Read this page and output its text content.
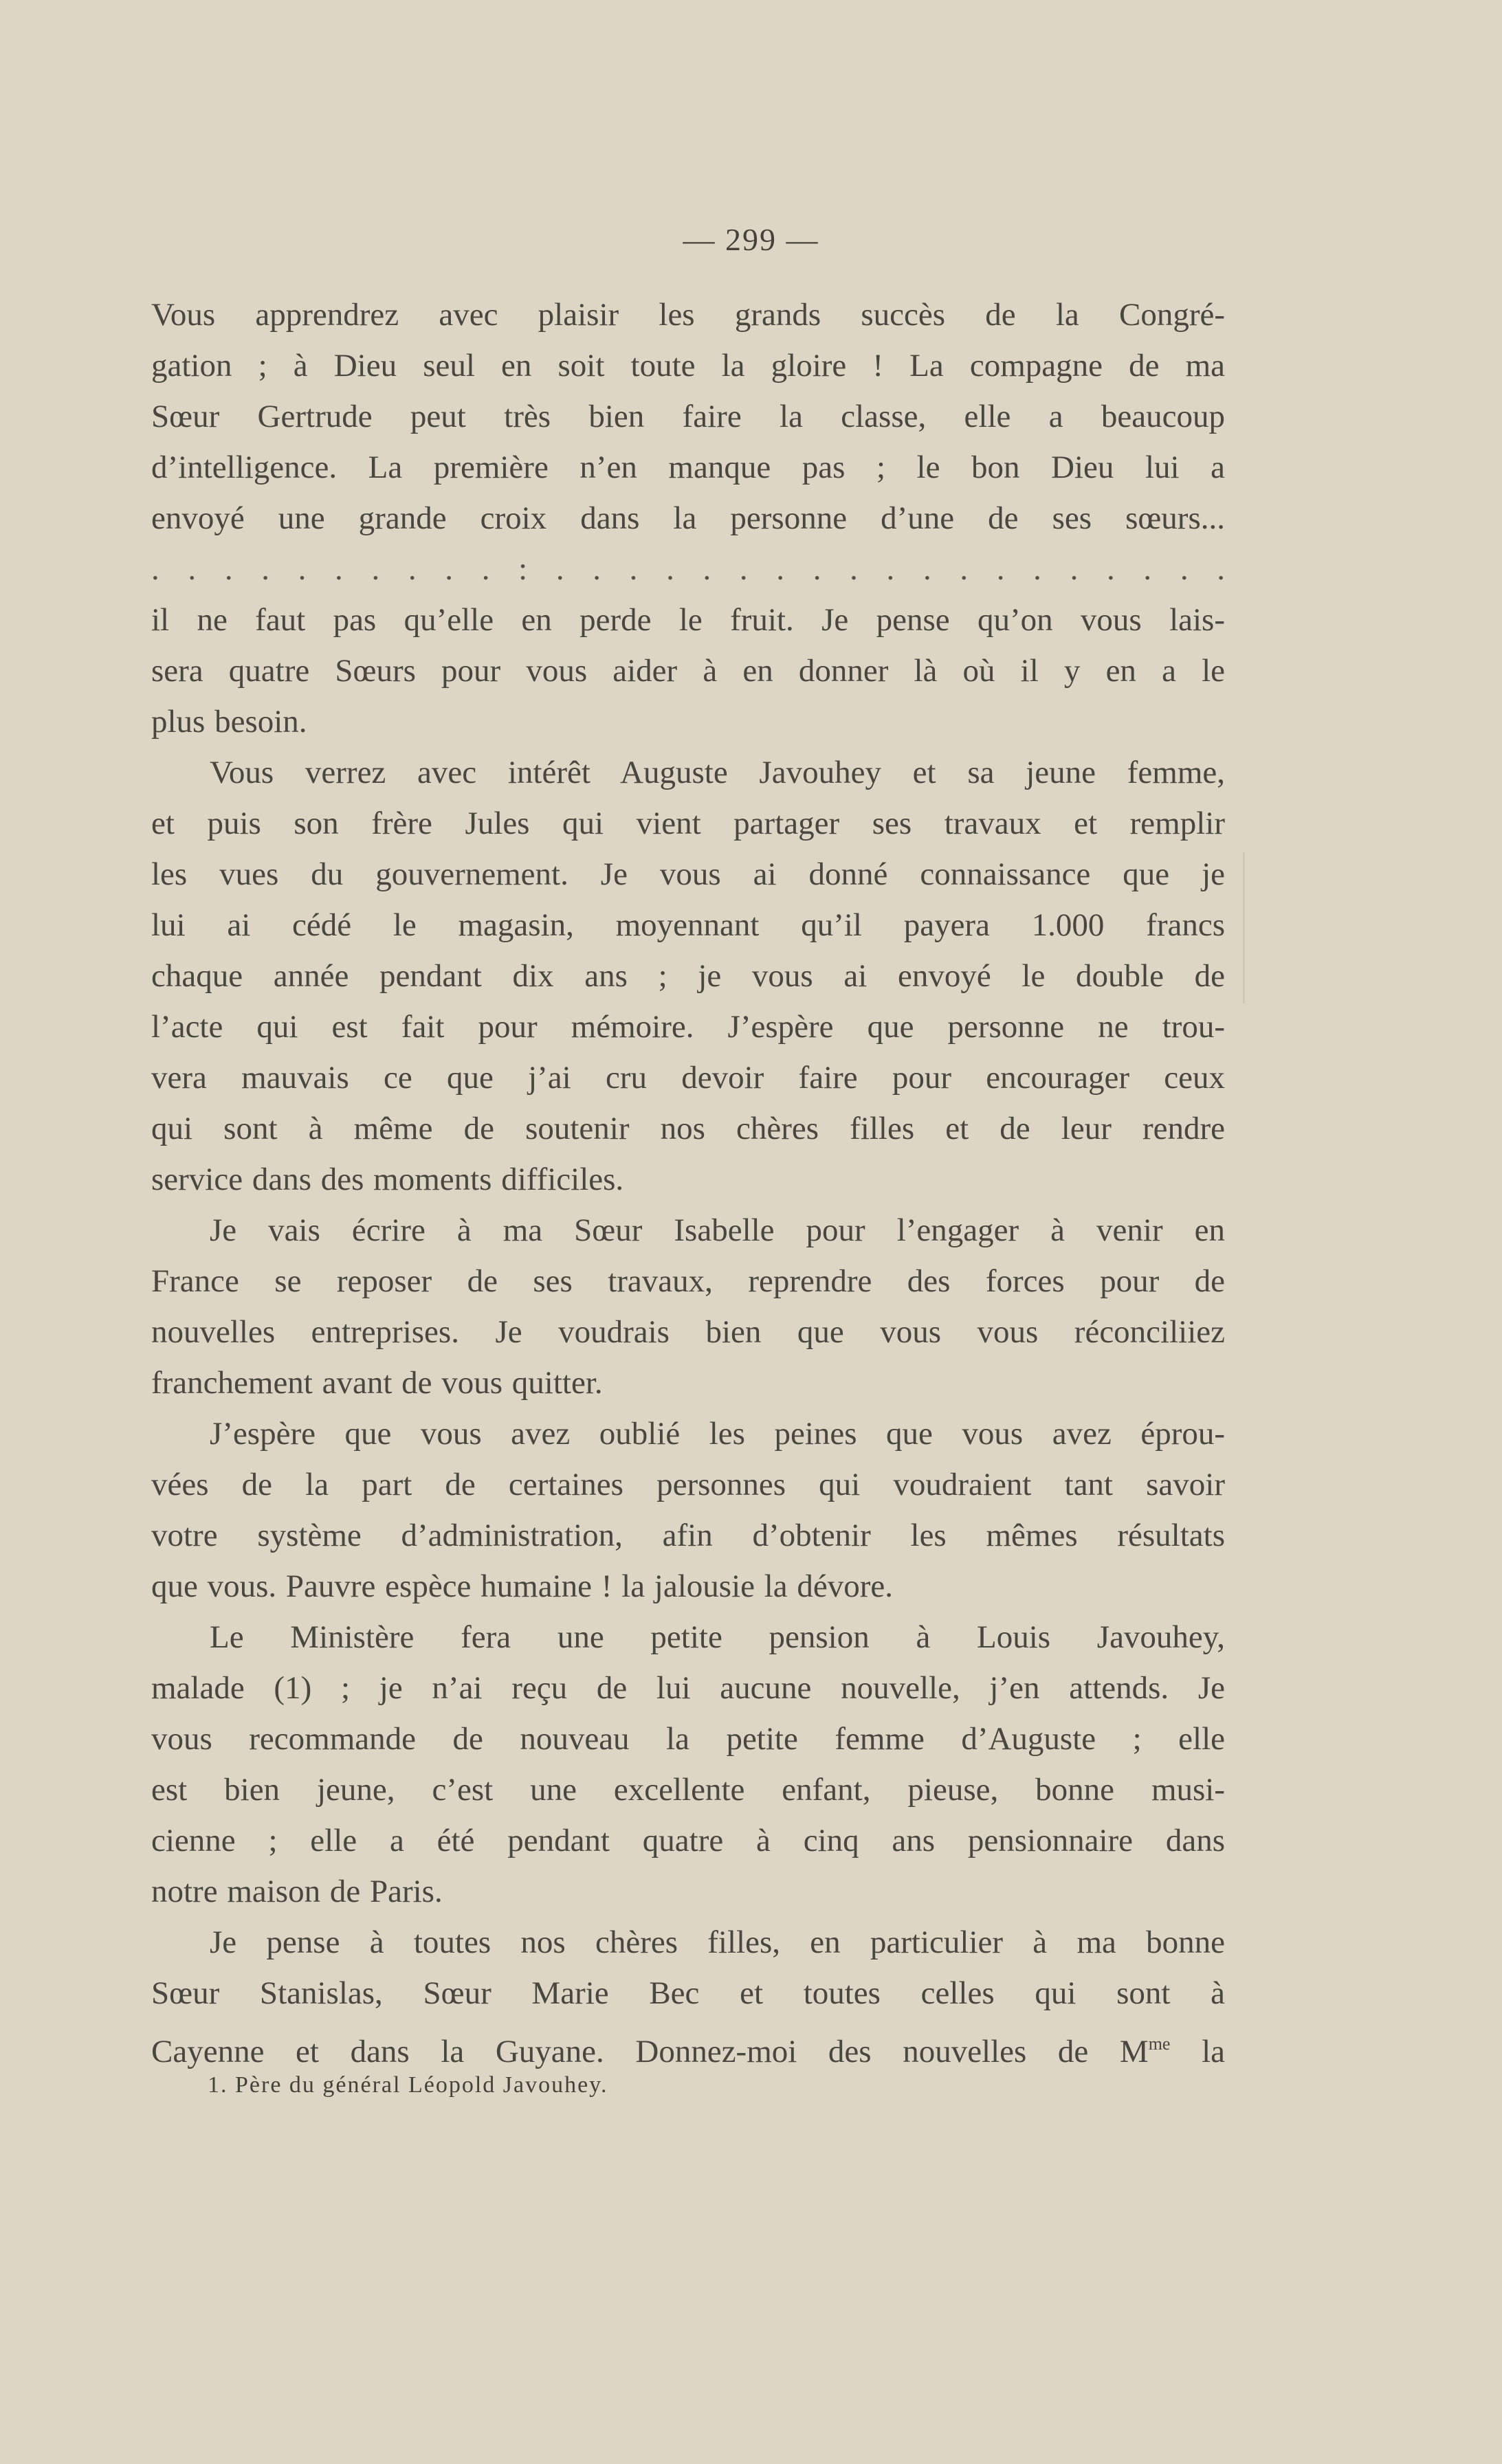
— 299 —
Vous apprendrez avec plaisir les grands succès de la Congré-
gation ; à Dieu seul en soit toute la gloire ! La compagne de ma
Sœur Gertrude peut très bien faire la classe, elle a beaucoup
d’intelligence. La première n’en manque pas ; le bon Dieu lui a
envoyé une grande croix dans la personne d’une de ses sœurs...
. . . . . . . . . . : . . . . . . . . . . . . . . . . . . .
il ne faut pas qu’elle en perde le fruit. Je pense qu’on vous lais-
sera quatre Sœurs pour vous aider à en donner là où il y en a le
plus besoin.
Vous verrez avec intérêt Auguste Javouhey et sa jeune femme,
et puis son frère Jules qui vient partager ses travaux et remplir
les vues du gouvernement. Je vous ai donné connaissance que je
lui ai cédé le magasin, moyennant qu’il payera 1.000 francs
chaque année pendant dix ans ; je vous ai envoyé le double de
l’acte qui est fait pour mémoire. J’espère que personne ne trou-
vera mauvais ce que j’ai cru devoir faire pour encourager ceux
qui sont à même de soutenir nos chères filles et de leur rendre
service dans des moments difficiles.
Je vais écrire à ma Sœur Isabelle pour l’engager à venir en
France se reposer de ses travaux, reprendre des forces pour de
nouvelles entreprises. Je voudrais bien que vous vous réconciliiez
franchement avant de vous quitter.
J’espère que vous avez oublié les peines que vous avez éprou-
vées de la part de certaines personnes qui voudraient tant savoir
votre système d’administration, afin d’obtenir les mêmes résultats
que vous. Pauvre espèce humaine ! la jalousie la dévore.
Le Ministère fera une petite pension à Louis Javouhey,
malade (1) ; je n’ai reçu de lui aucune nouvelle, j’en attends. Je
vous recommande de nouveau la petite femme d’Auguste ; elle
est bien jeune, c’est une excellente enfant, pieuse, bonne musi-
cienne ; elle a été pendant quatre à cinq ans pensionnaire dans
notre maison de Paris.
Je pense à toutes nos chères filles, en particulier à ma bonne
Sœur Stanislas, Sœur Marie Bec et toutes celles qui sont à
Cayenne et dans la Guyane. Donnez-moi des nouvelles de $M^{me}$ la
1. Père du général Léopold Javouhey.
